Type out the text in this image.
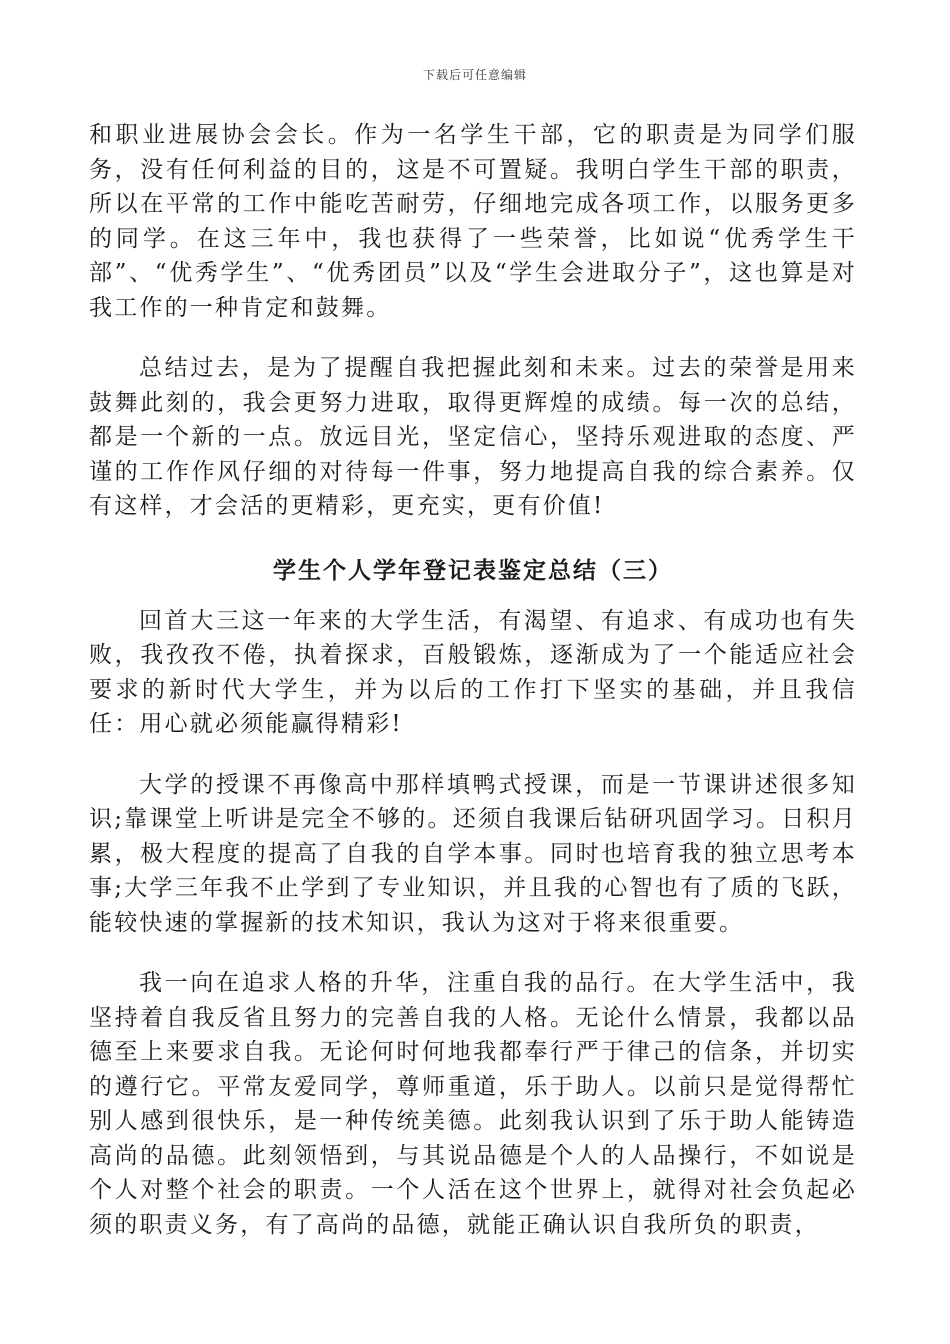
下载后可任意编辑

和职业进展协会会长。作为一名学生干部，它的职责是为同学们服务，没有任何利益的目的，这是不可置疑。我明白学生干部的职责，所以在平常的工作中能吃苦耐劳，仔细地完成各项工作，以服务更多的同学。在这三年中，我也获得了一些荣誉，比如说“优秀学生干部”、“优秀学生”、“优秀团员”以及“学生会进取分子”，这也算是对我工作的一种肯定和鼓舞。

总结过去，是为了提醒自我把握此刻和未来。过去的荣誉是用来鼓舞此刻的，我会更努力进取，取得更辉煌的成绩。每一次的总结，都是一个新的一点。放远目光，坚定信心，坚持乐观进取的态度、严谨的工作作风仔细的对待每一件事，努力地提高自我的综合素养。仅有这样，才会活的更精彩，更充实，更有价值!

学生个人学年登记表鉴定总结（三）

回首大三这一年来的大学生活，有渴望、有追求、有成功也有失败，我孜孜不倦，执着探求，百般锻炼，逐渐成为了一个能适应社会要求的新时代大学生，并为以后的工作打下坚实的基础，并且我信任：用心就必须能赢得精彩!

大学的授课不再像高中那样填鸭式授课，而是一节课讲述很多知识;靠课堂上听讲是完全不够的。还须自我课后钻研巩固学习。日积月累，极大程度的提高了自我的自学本事。同时也培育我的独立思考本事;大学三年我不止学到了专业知识，并且我的心智也有了质的飞跃，能较快速的掌握新的技术知识，我认为这对于将来很重要。

我一向在追求人格的升华，注重自我的品行。在大学生活中，我坚持着自我反省且努力的完善自我的人格。无论什么情景，我都以品德至上来要求自我。无论何时何地我都奉行严于律己的信条，并切实的遵行它。平常友爱同学，尊师重道，乐于助人。以前只是觉得帮忙别人感到很快乐，是一种传统美德。此刻我认识到了乐于助人能铸造高尚的品德。此刻领悟到，与其说品德是个人的人品操行，不如说是个人对整个社会的职责。一个人活在这个世界上，就得对社会负起必须的职责义务，有了高尚的品德，就能正确认识自我所负的职责，
